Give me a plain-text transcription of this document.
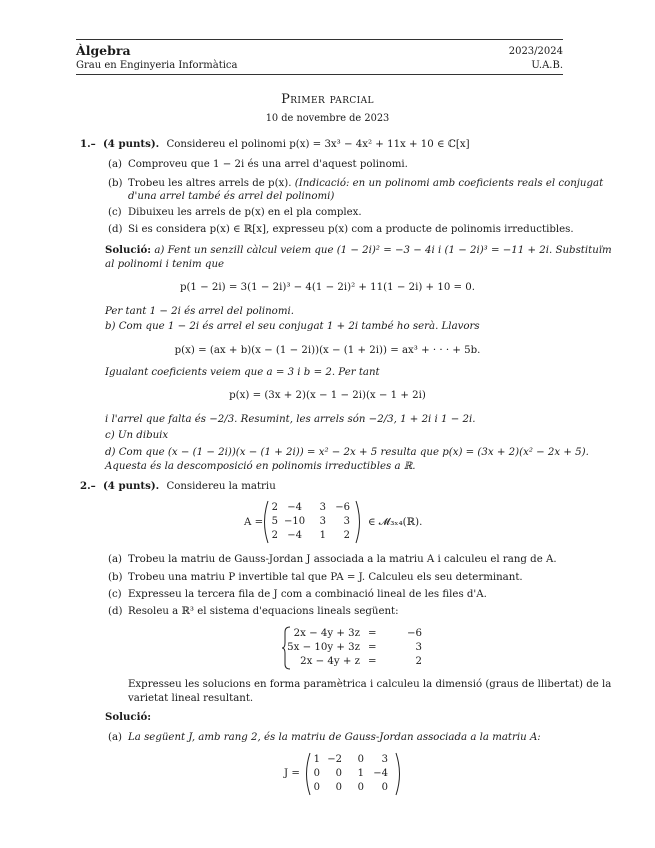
Àlgebra
Grau en Enginyeria Informàtica
2023/2024
U.A.B.
Primer parcial
10 de novembre de 2023
1.– (4 punts). Considereu el polinomi p(x) = 3x³ − 4x² + 11x + 10 ∈ ℂ[x]
(a) Comproveu que 1 − 2i és una arrel d'aquest polinomi.
(b) Trobeu les altres arrels de p(x). (Indicació: en un polinomi amb coeficients reals el conjugat
d'una arrel també és arrel del polinomi)
(c) Dibuixeu les arrels de p(x) en el pla complex.
(d) Si es considera p(x) ∈ ℝ[x], expresseu p(x) com a producte de polinomis irreductibles.
Solució: a) Fent un senzill càlcul veiem que (1 − 2i)² = −3 − 4i i (1 − 2i)³ = −11 + 2i. Substituïm
al polinomi i tenim que
p(1 − 2i) = 3(1 − 2i)³ − 4(1 − 2i)² + 11(1 − 2i) + 10 = 0.
Per tant 1 − 2i és arrel del polinomi.
b) Com que 1 − 2i és arrel el seu conjugat 1 + 2i també ho serà. Llavors
p(x) = (ax + b)(x − (1 − 2i))(x − (1 + 2i)) = ax³ + · · · + 5b.
Igualant coeficients veiem que a = 3 i b = 2. Per tant
p(x) = (3x + 2)(x − 1 − 2i)(x − 1 + 2i)
i l'arrel que falta és −2/3. Resumint, les arrels són −2/3, 1 + 2i i 1 − 2i.
c) Un dibuix
d) Com que (x − (1 − 2i))(x − (1 + 2i)) = x² − 2x + 5 resulta que p(x) = (3x + 2)(x² − 2x + 5).
Aquesta és la descomposició en polinomis irreductibles a ℝ.
2.– (4 punts). Considereu la matriu
A =
2 −4	3 −6
5 −10	3	3
2 −4	1	2
∈ 𝓜₃ₓ₄(ℝ).
(a) Trobeu la matriu de Gauss-Jordan J associada a la matriu A i calculeu el rang de A.
(b) Trobeu una matriu P invertible tal que PA = J. Calculeu els seu determinant.
(c) Expresseu la tercera fila de J com a combinació lineal de les files d'A.
(d) Resoleu a ℝ³ el sistema d'equacions lineals següent:
2x − 4y + 3z =	−6
5x − 10y + 3z =	3
2x − 4y + z =	2
Expresseu les solucions en forma paramètrica i calculeu la dimensió (graus de llibertat) de la
varietat lineal resultant.
Solució:
(a) La següent J, amb rang 2, és la matriu de Gauss-Jordan associada a la matriu A:
J =
1 −2	0	3
0	0	1 −4
0	0	0	0
